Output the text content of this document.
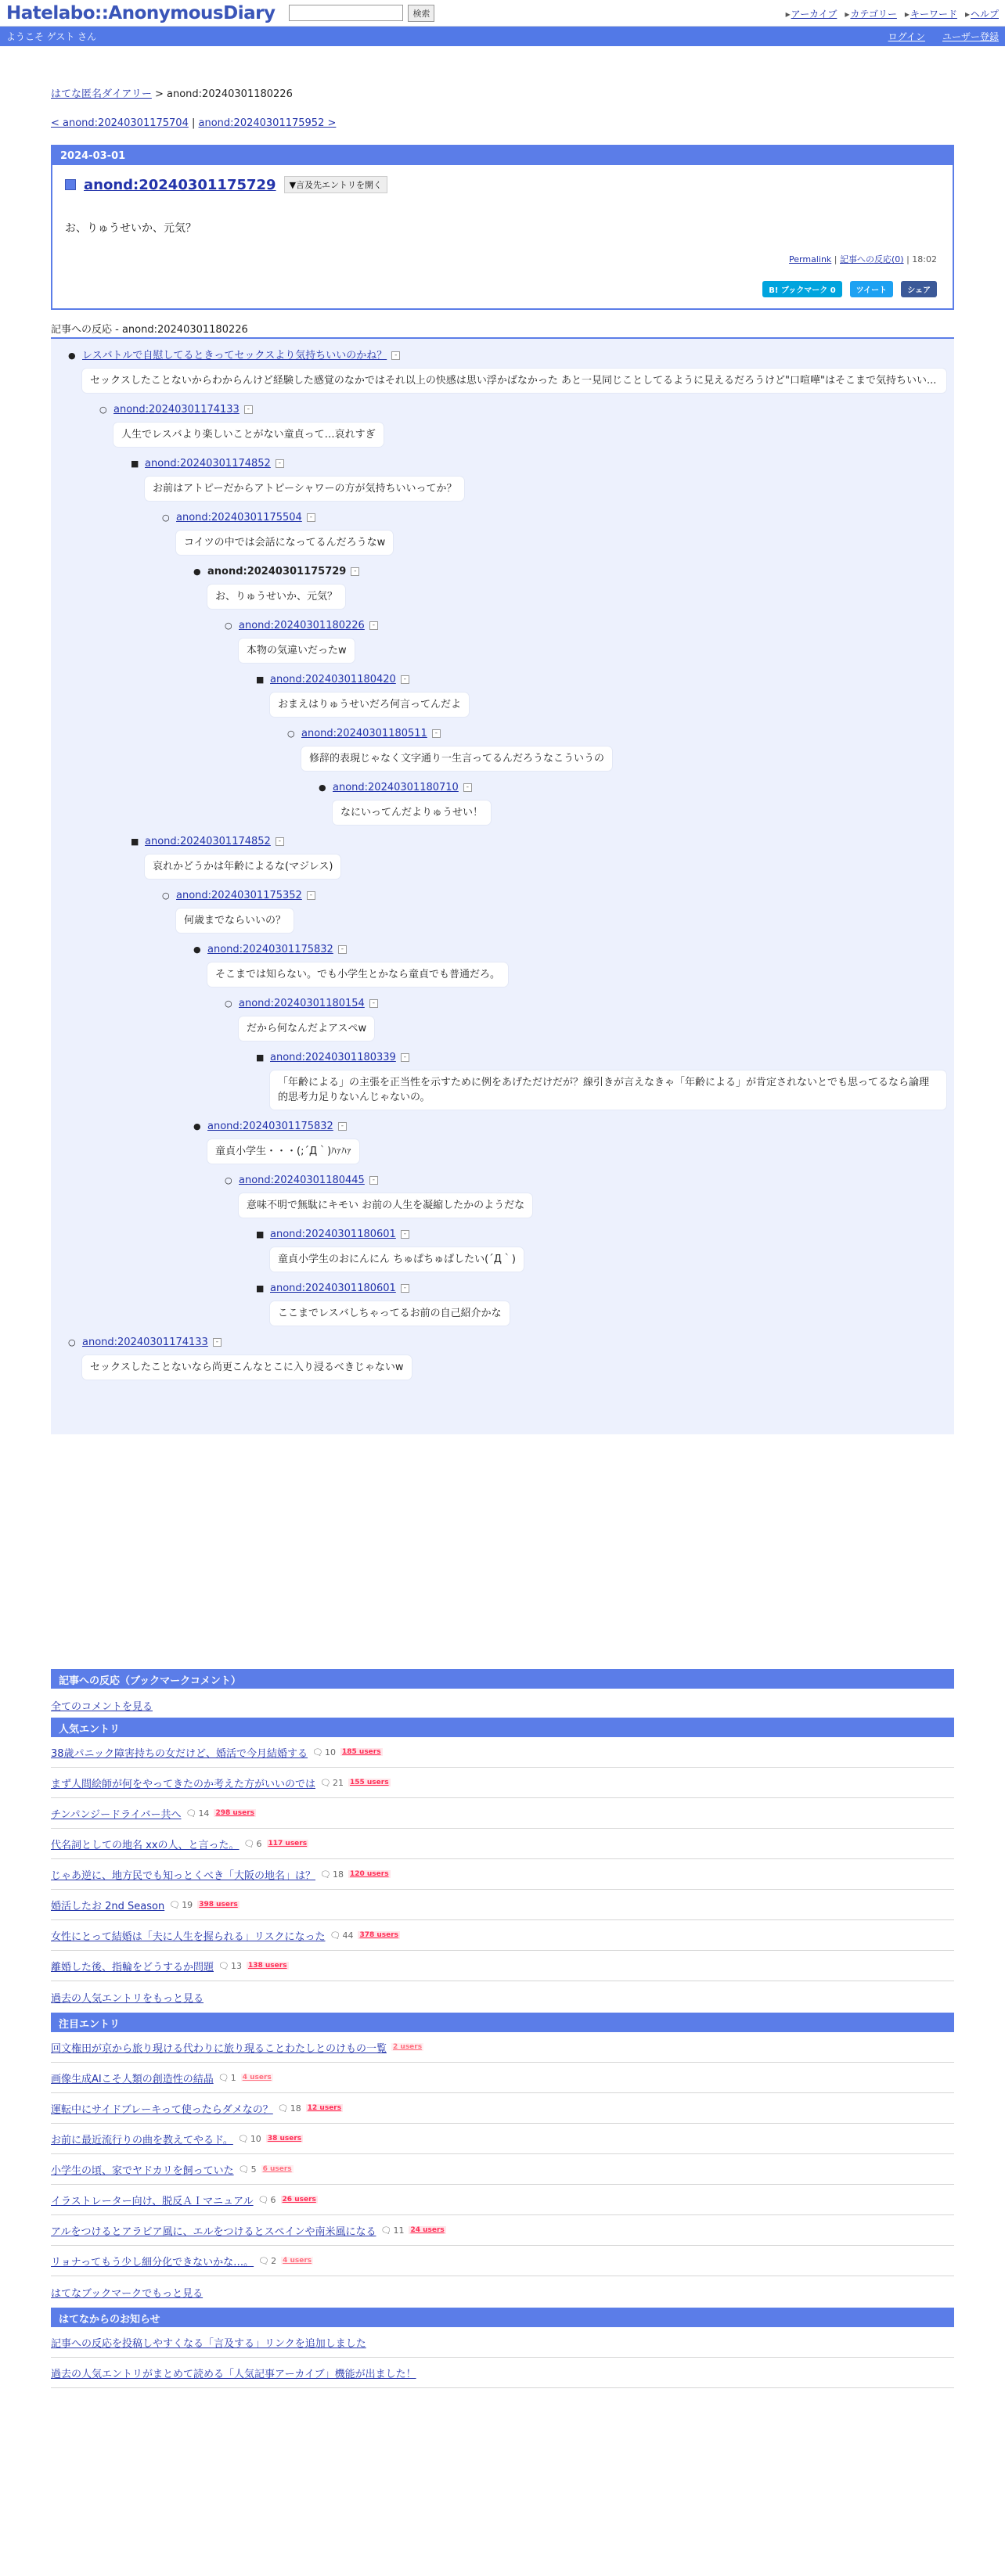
Hatelabo::AnonymousDiary	検索	▸ アーカイブ	▸ カテゴリー	▸ キーワード	▸ ヘルプ
ようこそ ゲスト さん	ログイン ユーザー登録
はてな匿名ダイアリー > anond:20240301180226
< anond:20240301175704 | anond:20240301175952 >
2024-03-01
anond:20240301175729	▼言及先エントリを開く
お、りゅうせいか、元気？
Permalink | 記事への反応(0) | 18:02
B! ブックマーク 0	ツイート	シェア
記事への反応 - anond:20240301180226
● レスバトルで自慰してるときってセックスより気持ちいいのかね？ -
セックスしたことないからわからんけど経験した感覚のなかではそれ以上の快感は思い浮かばなかった あと一見同じことしてるように見えるだろうけど"口喧嘩"はそこまで気持ちいい...
○ anond:20240301174133 -
人生でレスバより楽しいことがない童貞って…哀れすぎ
■ anond:20240301174852 -
お前はアトピーだからアトピーシャワーの方が気持ちいいってか？
○ anond:20240301175504 -
コイツの中では会話になってるんだろうなw
● anond:20240301175729 -
お、りゅうせいか、元気？
○ anond:20240301180226 -
本物の気違いだったw
■ anond:20240301180420 -
おまえはりゅうせいだろ何言ってんだよ
○ anond:20240301180511 -
修辞的表現じゃなく文字通り一生言ってるんだろうなこういうの
● anond:20240301180710 -
なにいってんだよりゅうせい！
■ anond:20240301174852 -
哀れかどうかは年齢によるな(マジレス)
○ anond:20240301175352 -
何歳までならいいの？
● anond:20240301175832 -
そこまでは知らない。でも小学生とかなら童貞でも普通だろ。
○ anond:20240301180154 -
だから何なんだよアスペw
■ anond:20240301180339 -
「年齢による」の主張を正当性を示すために例をあげただけだが？線引きが言えなきゃ「年齢による」が肯定されないとでも思ってるなら論理的思考力足りないんじゃないの。
● anond:20240301175832 -
童貞小学生・・・(;´Д｀)ﾊｧﾊｧ
○ anond:20240301180445 -
意味不明で無駄にキモい お前の人生を凝縮したかのようだな
■ anond:20240301180601 -
童貞小学生のおにんにん ちゅぱちゅぱしたい(´Д｀)
■ anond:20240301180601 -
ここまでレスバしちゃってるお前の自己紹介かな
○ anond:20240301174133 -
セックスしたことないなら尚更こんなとこに入り浸るべきじゃないw
記事への反応（ブックマークコメント）
全てのコメントを見る
人気エントリ
38歳パニック障害持ちの女だけど、婚活で今月結婚する 🗨 10 185 users
まず人間絵師が何をやってきたのか考えた方がいいのでは 🗨 21 155 users
チンパンジードライバー共へ 🗨 14 298 users
代名詞としての地名 xxの人、と言った。 🗨 6 117 users
じゃあ逆に、地方民でも知っとくべき「大阪の地名」は？ 🗨 18 120 users
婚活したお 2nd Season 🗨 19 398 users
女性にとって結婚は「夫に人生を握られる」リスクになった 🗨 44 378 users
離婚した後、指輪をどうするか問題 🗨 13 138 users
過去の人気エントリをもっと見る
注目エントリ
回文権田が京から旅り現ける代わりに旅り現ることわたしとのけもの一覧 2 users
画像生成AIこそ人類の創造性の結晶 🗨 1 4 users
運転中にサイドブレーキって使ったらダメなの？ 🗨 18 12 users
お前に最近流行りの曲を教えてやるド。 🗨 10 38 users
小学生の頃、家でヤドカリを飼っていた 🗨 5 6 users
イラストレーター向け、脱反ＡＩマニュアル 🗨 6 26 users
アルをつけるとアラビア風に、エルをつけるとスペインや南米風になる 🗨 11 24 users
リョナってもう少し細分化できないかな…。 🗨 2 4 users
はてなブックマークでもっと見る
はてなからのお知らせ
記事への反応を投稿しやすくなる「言及する」リンクを追加しました
過去の人気エントリがまとめて読める「人気記事アーカイブ」機能が出ました！
